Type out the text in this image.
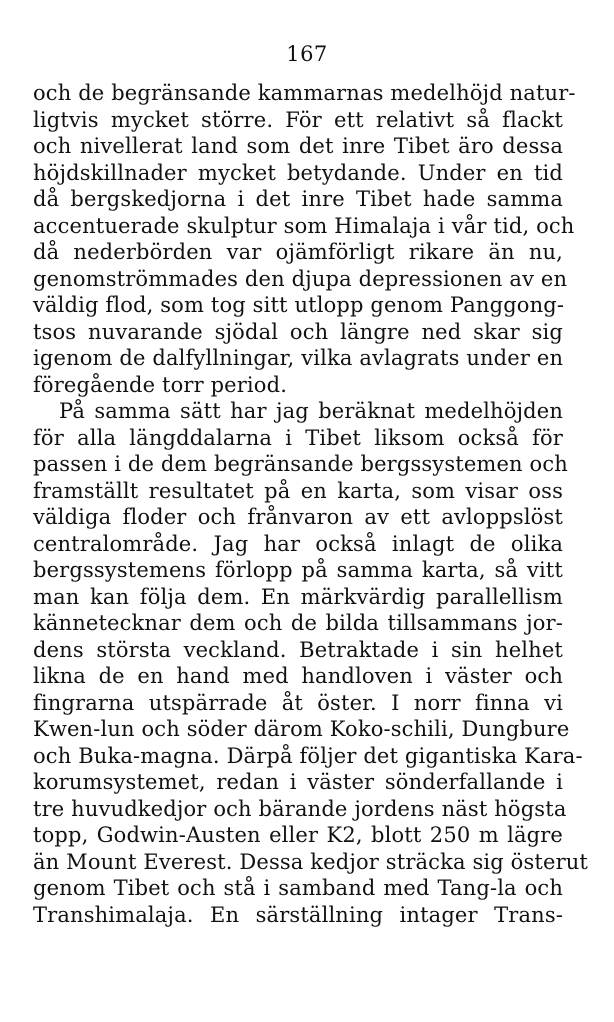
167
och de begränsande kammarnas medelhöjd natur-
ligtvis mycket större. För ett relativt så flackt
och nivellerat land som det inre Tibet äro dessa
höjdskillnader mycket betydande. Under en tid
då bergskedjorna i det inre Tibet hade samma
accentuerade skulptur som Himalaja i vår tid, och
då nederbörden var ojämförligt rikare än nu,
genomströmmades den djupa depressionen av en
väldig flod, som tog sitt utlopp genom Panggong-
tsos nuvarande sjödal och längre ned skar sig
igenom de dalfyllningar, vilka avlagrats under en
föregående torr period.
På samma sätt har jag beräknat medelhöjden
för alla längddalarna i Tibet liksom också för
passen i de dem begränsande bergssystemen och
framställt resultatet på en karta, som visar oss
väldiga floder och frånvaron av ett avloppslöst
centralområde. Jag har också inlagt de olika
bergssystemens förlopp på samma karta, så vitt
man kan följa dem. En märkvärdig parallellism
kännetecknar dem och de bilda tillsammans jor-
dens största veckland. Betraktade i sin helhet
likna de en hand med handloven i väster och
fingrarna utspärrade åt öster. I norr finna vi
Kwen-lun och söder därom Koko-schili, Dungbure
och Buka-magna. Därpå följer det gigantiska Kara-
korumsystemet, redan i väster sönderfallande i
tre huvudkedjor och bärande jordens näst högsta
topp, Godwin-Austen eller K2, blott 250 m lägre
än Mount Everest. Dessa kedjor sträcka sig österut
genom Tibet och stå i samband med Tang-la och
Transhimalaja. En särställning intager Trans-
